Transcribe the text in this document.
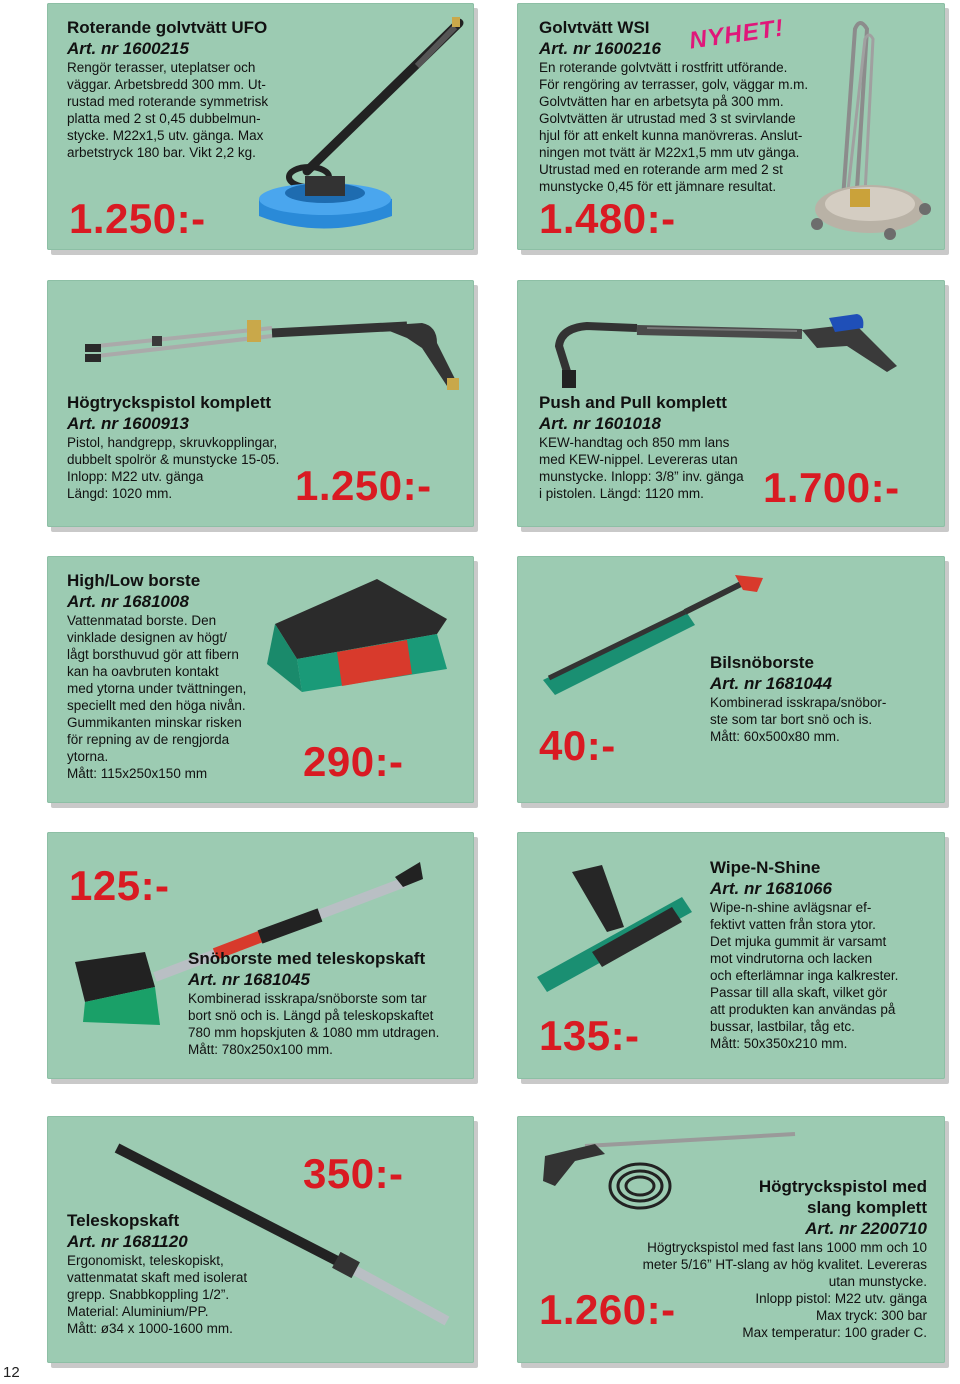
Roterande golvtvätt UFO
Art. nr 1600215
Rengör terasser, uteplatser och
väggar. Arbetsbredd 300 mm. Ut-
rustad med roterande symmetrisk
platta med 2 st 0,45 dubbelmun-
stycke. M22x1,5 utv. gänga. Max
arbetstryck 180 bar. Vikt 2,2 kg.
1.250:-
Golvtvätt WSI
Art. nr 1600216
En roterande golvtvätt i rostfritt utförande.
För rengöring av terrasser, golv, väggar m.m.
Golvtvätten har en arbetsyta på 300 mm.
Golvtvätten är utrustad med 3 st svirvlande
hjul för att enkelt kunna manövreras. Anslut-
ningen mot tvätt är M22x1,5 mm utv gänga.
Utrustad med en roterande arm med 2 st
munstycke 0,45 för ett jämnare resultat.
NYHET!
1.480:-
Högtryckspistol komplett
Art. nr 1600913
Pistol, handgrepp, skruvkopplingar,
dubbelt spolrör & munstycke 15-05.
Inlopp: M22 utv. gänga
Längd: 1020 mm.	1.250:-
Push and Pull komplett
Art. nr 1601018
KEW-handtag och 850 mm lans
med KEW-nippel. Levereras utan
munstycke. Inlopp: 3/8” inv. gänga
i pistolen. Längd: 1120 mm.	1.700:-
High/Low borste
Art. nr 1681008
Vattenmatad borste. Den
vinklade designen av högt/
lågt borsthuvud gör att fibern
kan ha oavbruten kontakt
med ytorna under tvättningen,
speciellt med den höga nivån.
Gummikanten minskar risken
för repning av de rengjorda
ytorna.
Mått: 115x250x150 mm	290:-	40:-
Bilsnöborste
Art. nr 1681044
Kombinerad isskrapa/snöbor-
ste som tar bort snö och is.
Mått: 60x500x80 mm.
125:-
Snöborste med teleskopskaft
Art. nr 1681045
Kombinerad isskrapa/snöborste som tar
bort snö och is. Längd på teleskopskaftet
780 mm hopskjuten & 1080 mm utdragen.
Mått: 780x250x100 mm.	135:-
Wipe-N-Shine
Art. nr 1681066
Wipe-n-shine avlägsnar ef-
fektivt vatten från stora ytor.
Det mjuka gummit är varsamt
mot vindrutorna och lacken
och efterlämnar inga kalkrester.
Passar till alla skaft, vilket gör
att produkten kan användas på
bussar, lastbilar, tåg etc.
Mått: 50x350x210 mm.
350:-
Teleskopskaft
Art. nr 1681120
Ergonomiskt, teleskopiskt,
vattenmatat skaft med isolerat
grepp. Snabbkoppling 1/2”.
Material: Aluminium/PP.
Mått: ø34 x 1000-1600 mm.
Högtryckspistol med
slang komplett
Art. nr 2200710
Högtryckspistol med fast lans 1000 mm och 10
meter 5/16” HT-slang av hög kvalitet. Levereras
utan munstycke.
Inlopp pistol: M22 utv. gänga
Max tryck: 300 bar
Max temperatur: 100 grader C.
1.260:-
12
